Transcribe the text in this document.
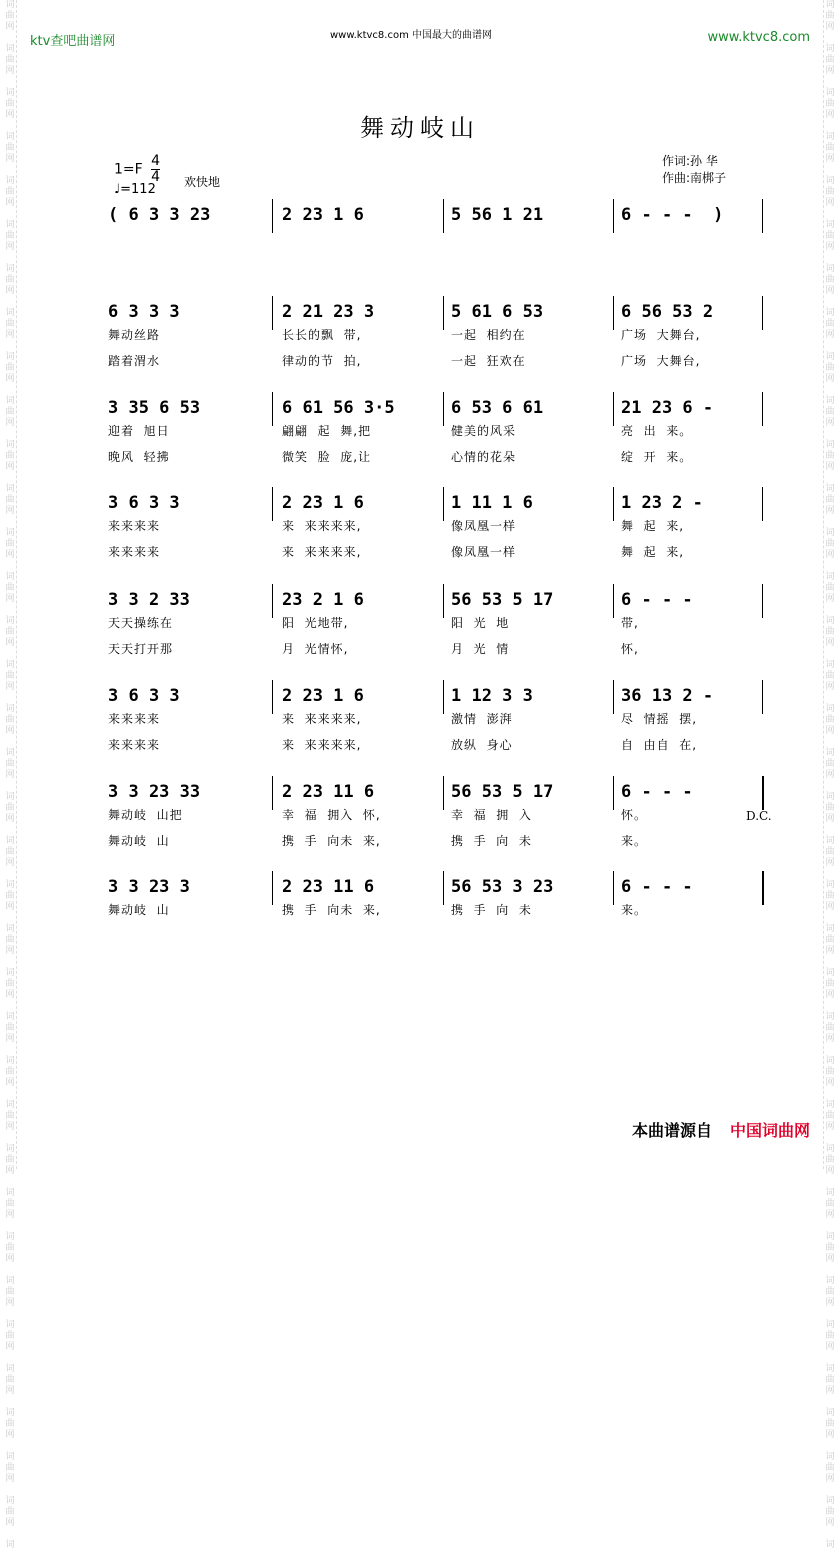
词
曲
网

词
曲
网

词
曲
网

词
曲
网

词
曲
网

词
曲
网

词
曲
网

词
曲
网

词
曲
网

词
曲
网

词
曲
网

词
曲
网

词
曲
网

词
曲
网

词
曲
网

词
曲
网

词
曲
网

词
曲
网

词
曲
网

词
曲
网

词
曲
网

词
曲
网

词
曲
网

词
曲
网

词
曲
网

词
曲
网

词
曲
网

词
曲
网

词
曲
网

词
曲
网

词
曲
网

词
曲
网

词
曲
网

词
曲
网

词
曲
网

词

词
曲
网

词
曲
网

词
曲
网

词
曲
网

词
曲
网

词
曲
网

词
曲
网

词
曲
网

词
曲
网

词
曲
网

词
曲
网

词
曲
网

词
曲
网

词
曲
网

词
曲
网

词
曲
网

词
曲
网

词
曲
网

词
曲
网

词
曲
网

词
曲
网

词
曲
网

词
曲
网

词
曲
网

词
曲
网

词
曲
网

词
曲
网

词
曲
网

词
曲
网

词
曲
网

词
曲
网

词
曲
网

词
曲
网

词
曲
网

词
曲
网

词

ktv查吧曲谱网	www.ktvc8.com 中国最大的曲谱网	www.ktvc8.com
舞动岐山
$1=F \frac{4}{4}$
♩=112 欢快地
作词:孙 华
作曲:南梆子
( 6 3 3 23	2 23 1 6	5 56 1 21	6 - - -  )
6 3 3 3	2 21 23 3	5 61 6 53	6 56 53 2
舞动丝路	长长的飘  带,	一起  相约在	广场  大舞台,
踏着渭水	律动的节  拍,	一起  狂欢在	广场  大舞台,
3 35 6 53	6 61 56 3·5	6 53 6 61	21 23 6 -
迎着  旭日	翩翩  起  舞,把	健美的风采	亮  出  来。
晚风  轻拂	微笑  脸  庞,让	心情的花朵	绽  开  来。
3 6 3 3	2 23 1 6	1 11 1 6	1 23 2 -
来来来来	来  来来来来,	像凤凰一样	舞  起  来,
来来来来	来  来来来来,	像凤凰一样	舞  起  来,
3 3 2 33	23 2 1 6	56 53 5 17	6 - - -
天天操练在	阳  光地带,	阳  光  地	带,
天天打开那	月  光情怀,	月  光  情	怀,
3 6 3 3	2 23 1 6	1 12 3 3	36 13 2 -
来来来来	来  来来来来,	激情  澎湃	尽  情摇  摆,
来来来来	来  来来来来,	放纵  身心	自  由自  在,
3 3 23 33	2 23 11 6	56 53 5 17	6 - - -
舞动岐  山把	幸  福  拥入  怀,	幸  福  拥  入	怀。
舞动岐  山	携  手  向未  来,	携  手  向  未	来。
3 3 23 3	2 23 11 6	56 53 3 23	6 - - -
舞动岐  山	携  手  向未  来,	携  手  向  未	来。
D.C.
本曲谱源自 中国词曲网
